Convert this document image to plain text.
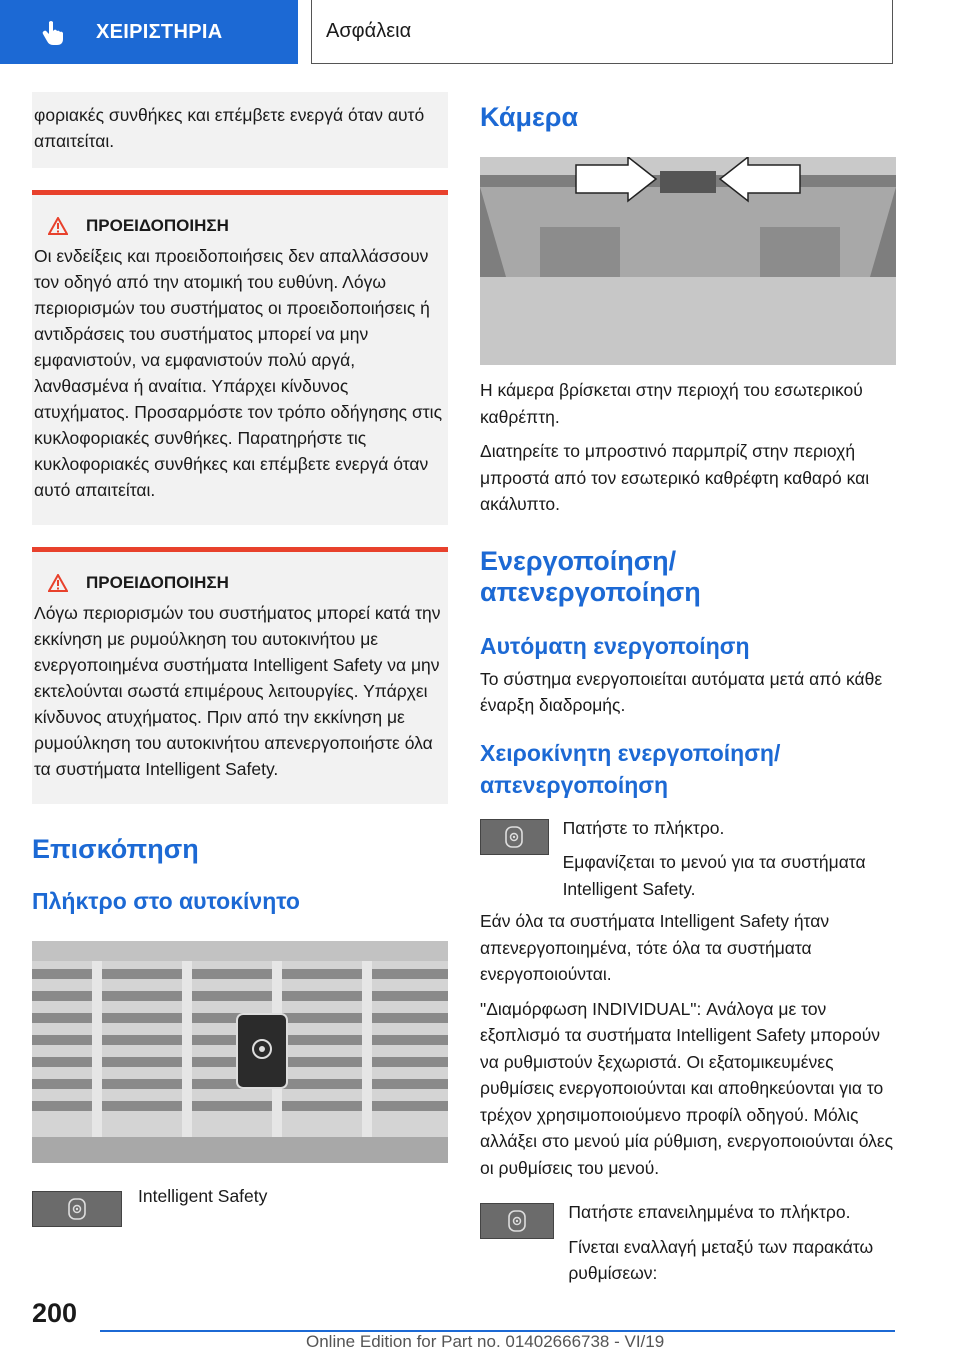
ΧΕΙΡΙΣΤΗΡΙΑ	Ασφάλεια
φοριακές συνθήκες και επέμβετε ενεργά όταν αυτό απαιτείται.
ΠΡΟΕΙΔΟΠΟΙΗΣΗ
Οι ενδείξεις και προειδοποιήσεις δεν απαλλάσσουν τον οδηγό από την ατομική του ευθύνη. Λόγω περιορισμών του συστήματος οι προειδοποιήσεις ή αντιδράσεις του συστήματος μπορεί να μην εμφανιστούν, να εμφανιστούν πολύ αργά, λανθασμένα ή αναίτια. Υπάρχει κίνδυνος ατυχήματος. Προσαρμόστε τον τρόπο οδήγησης στις κυκλοφοριακές συνθήκες. Παρατηρήστε τις κυκλοφοριακές συνθήκες και επέμβετε ενεργά όταν αυτό απαιτείται.
ΠΡΟΕΙΔΟΠΟΙΗΣΗ
Λόγω περιορισμών του συστήματος μπορεί κατά την εκκίνηση με ρυμούλκηση του αυτοκινήτου με ενεργοποιημένα συστήματα Intelligent Safety να μην εκτελούνται σωστά επιμέρους λειτουργίες. Υπάρχει κίνδυνος ατυχήματος. Πριν από την εκκίνηση με ρυμούλκηση του αυτοκινήτου απενεργοποιήστε όλα τα συστήματα Intelligent Safety.
Επισκόπηση
Πλήκτρο στο αυτοκίνητο

Intelligent Safety

Κάμερα

Η κάμερα βρίσκεται στην περιοχή του εσωτερικού καθρέπτη.

Διατηρείτε το μπροστινό παρμπρίζ στην περιοχή μπροστά από τον εσωτερικό καθρέφτη καθαρό και ακάλυπτο.

Ενεργοποίηση/απενεργοποίηση
Αυτόματη ενεργοποίηση

Το σύστημα ενεργοποιείται αυτόματα μετά από κάθε έναρξη διαδρομής.

Χειροκίνητη ενεργοποίηση/ απενεργοποίηση

Πατήστε το πλήκτρο.

Εμφανίζεται το μενού για τα συστήματα Intelligent Safety.

Εάν όλα τα συστήματα Intelligent Safety ήταν απενεργοποιημένα, τότε όλα τα συστήματα ενεργοποιούνται.

"Διαμόρφωση INDIVIDUAL": Ανάλογα με τον εξοπλισμό τα συστήματα Intelligent Safety μπορούν να ρυθμιστούν ξεχωριστά. Οι εξατομικευμένες ρυθμίσεις ενεργοποιούνται και αποθηκεύονται για το τρέχον χρησιμοποιούμενο προφίλ οδηγού. Μόλις αλλάξει στο μενού μία ρύθμιση, ενεργοποιούνται όλες οι ρυθμίσεις του μενού.

Πατήστε επανειλημμένα το πλήκτρο.

Γίνεται εναλλαγή μεταξύ των παρακάτω ρυθμίσεων:

200
Online Edition for Part no. 01402666738 - VI/19
